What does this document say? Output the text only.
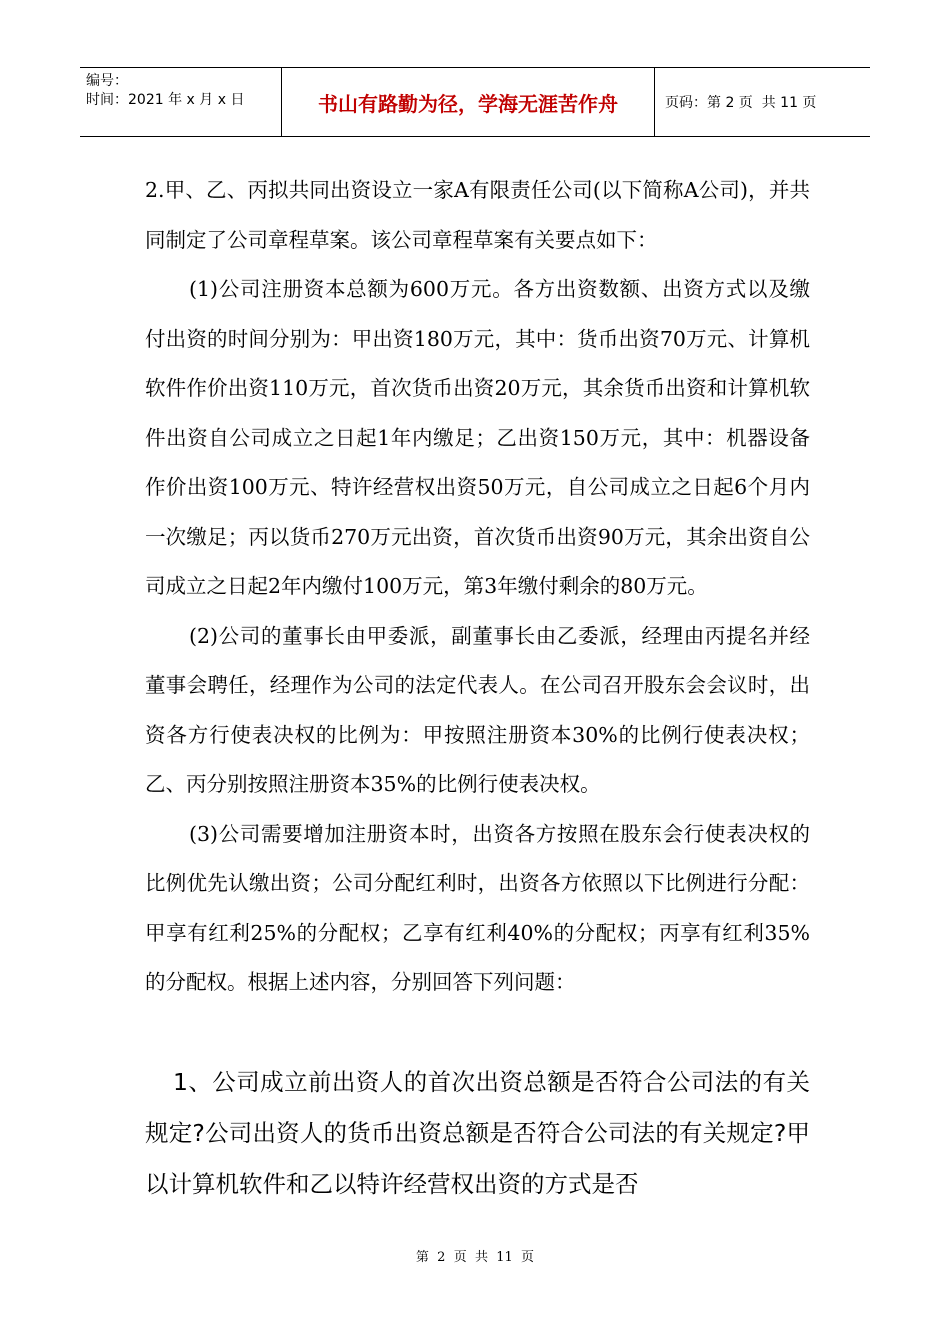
编号：
时间：2021 年 x 月 x 日	书山有路勤为径，学海无涯苦作舟	页码：第 2 页  共 11 页

2.甲、乙、丙拟共同出资设立一家A有限责任公司(以下简称A公司)，并共同制定了公司章程草案。该公司章程草案有关要点如下：

(1)公司注册资本总额为600万元。各方出资数额、出资方式以及缴付出资的时间分别为：甲出资180万元，其中：货币出资70万元、计算机软件作价出资110万元，首次货币出资20万元，其余货币出资和计算机软件出资自公司成立之日起1年内缴足；乙出资150万元，其中：机器设备作价出资100万元、特许经营权出资50万元，自公司成立之日起6个月内一次缴足；丙以货币270万元出资，首次货币出资90万元，其余出资自公司成立之日起2年内缴付100万元，第3年缴付剩余的80万元。

(2)公司的董事长由甲委派，副董事长由乙委派，经理由丙提名并经董事会聘任，经理作为公司的法定代表人。在公司召开股东会会议时，出资各方行使表决权的比例为：甲按照注册资本30%的比例行使表决权；乙、丙分别按照注册资本35%的比例行使表决权。

(3)公司需要增加注册资本时，出资各方按照在股东会行使表决权的比例优先认缴出资；公司分配红利时，出资各方依照以下比例进行分配：甲享有红利25%的分配权；乙享有红利40%的分配权；丙享有红利35%的分配权。根据上述内容，分别回答下列问题：

1、公司成立前出资人的首次出资总额是否符合公司法的有关规定?公司出资人的货币出资总额是否符合公司法的有关规定?甲以计算机软件和乙以特许经营权出资的方式是否

第  2  页  共  11  页
